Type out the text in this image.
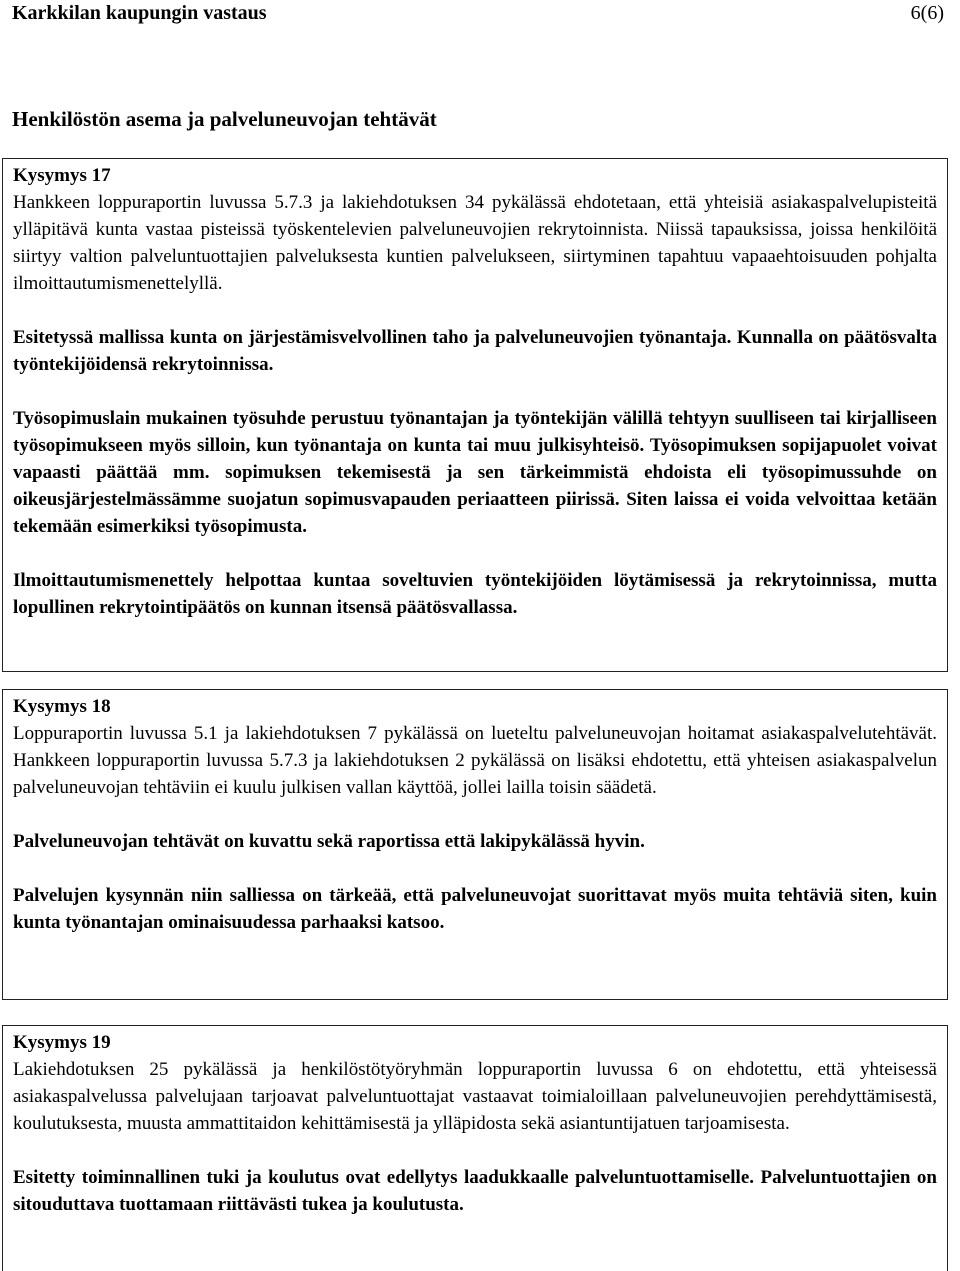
Karkkilan kaupungin vastaus	6(6)
Henkilöstön asema ja palveluneuvojan tehtävät

Kysymys 17

Hankkeen loppuraportin luvussa 5.7.3 ja lakiehdotuksen 34 pykälässä ehdotetaan, että yhteisiä asiakaspalvelupisteitä ylläpitävä kunta vastaa pisteissä työskentelevien palveluneuvojien rekrytoinnista. Niissä tapauksissa, joissa henkilöitä siirtyy valtion palveluntuottajien palveluksesta kuntien palvelukseen, siirtyminen tapahtuu vapaaehtoisuuden pohjalta ilmoittautumismenettelyllä.

Esitetyssä mallissa kunta on järjestämisvelvollinen taho ja palveluneuvojien työnantaja. Kunnalla on päätösvalta työntekijöidensä rekrytoinnissa.

Työsopimuslain mukainen työsuhde perustuu työnantajan ja työntekijän välillä tehtyyn suulliseen tai kirjalliseen työsopimukseen myös silloin, kun työnantaja on kunta tai muu julkisyhteisö. Työsopimuksen sopijapuolet voivat vapaasti päättää mm. sopimuksen tekemisestä ja sen tärkeimmistä ehdoista eli työsopimussuhde on oikeusjärjestelmässämme suojatun sopimusvapauden periaatteen piirissä. Siten laissa ei voida velvoittaa ketään tekemään esimerkiksi työsopimusta.

Ilmoittautumismenettely helpottaa kuntaa soveltuvien työntekijöiden löytämisessä ja rekrytoinnissa, mutta lopullinen rekrytointipäätös on kunnan itsensä päätösvallassa.

Kysymys 18

Loppuraportin luvussa 5.1 ja lakiehdotuksen 7 pykälässä on lueteltu palveluneuvojan hoitamat asiakaspalvelutehtävät. Hankkeen loppuraportin luvussa 5.7.3 ja lakiehdotuksen 2 pykälässä on lisäksi ehdotettu, että yhteisen asiakaspalvelun palveluneuvojan tehtäviin ei kuulu julkisen vallan käyttöä, jollei lailla toisin säädetä.

Palveluneuvojan tehtävät on kuvattu sekä raportissa että lakipykälässä hyvin.

Palvelujen kysynnän niin salliessa on tärkeää, että palveluneuvojat suorittavat myös muita tehtäviä siten, kuin kunta työnantajan ominaisuudessa parhaaksi katsoo.

Kysymys 19

Lakiehdotuksen 25 pykälässä ja henkilöstötyöryhmän loppuraportin luvussa 6 on ehdotettu, että yhteisessä asiakaspalvelussa palvelujaan tarjoavat palveluntuottajat vastaavat toimialoillaan palveluneuvojien perehdyttämisestä, koulutuksesta, muusta ammattitaidon kehittämisestä ja ylläpidosta sekä asiantuntijatuen tarjoamisesta.

Esitetty toiminnallinen tuki ja koulutus ovat edellytys laadukkaalle palveluntuottamiselle. Palveluntuottajien on sitouduttava tuottamaan riittävästi tukea ja koulutusta.
